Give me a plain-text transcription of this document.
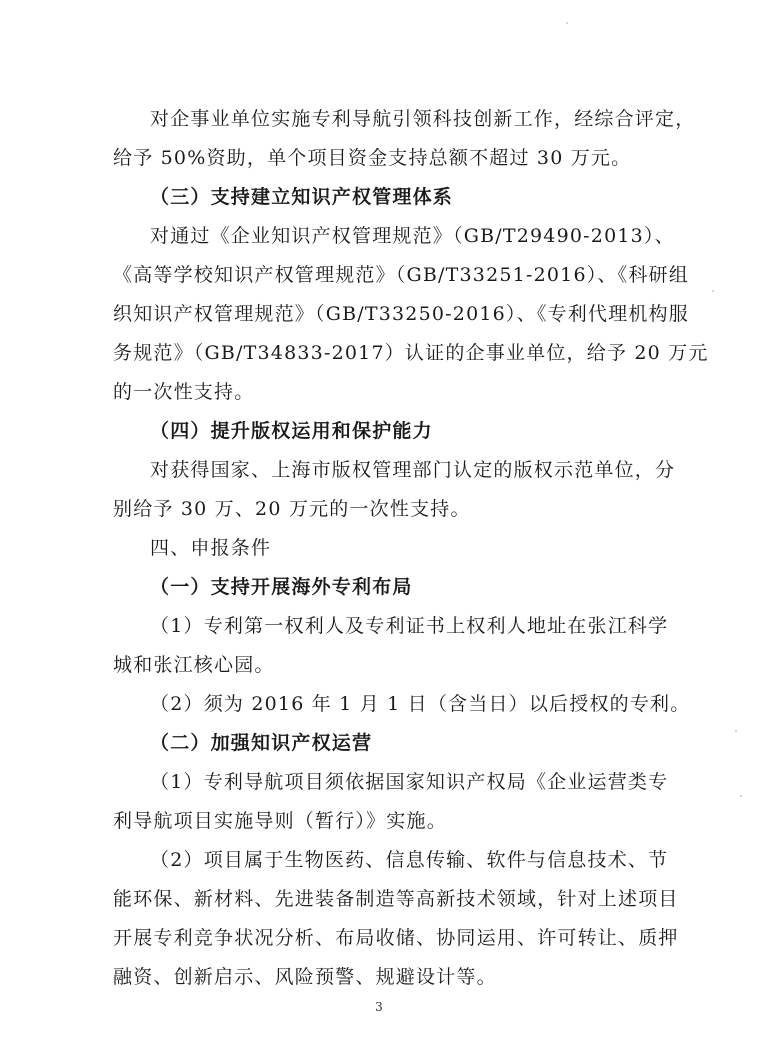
对企事业单位实施专利导航引领科技创新工作，经综合评定，
给予 50%资助，单个项目资金支持总额不超过 30 万元。
（三）支持建立知识产权管理体系
对通过《企业知识产权管理规范》（GB/T29490-2013）、
《高等学校知识产权管理规范》（GB/T33251-2016）、《科研组
织知识产权管理规范》（GB/T33250-2016）、《专利代理机构服
务规范》（GB/T34833-2017）认证的企事业单位，给予 20 万元
的一次性支持。
（四）提升版权运用和保护能力
对获得国家、上海市版权管理部门认定的版权示范单位，分
别给予 30 万、20 万元的一次性支持。
四、申报条件
（一）支持开展海外专利布局
（1）专利第一权利人及专利证书上权利人地址在张江科学
城和张江核心园。
（2）须为 2016 年 1 月 1 日（含当日）以后授权的专利。
（二）加强知识产权运营
（1）专利导航项目须依据国家知识产权局《企业运营类专
利导航项目实施导则（暂行）》实施。
（2）项目属于生物医药、信息传输、软件与信息技术、节
能环保、新材料、先进装备制造等高新技术领域，针对上述项目
开展专利竞争状况分析、布局收储、协同运用、许可转让、质押
融资、创新启示、风险预警、规避设计等。
3
